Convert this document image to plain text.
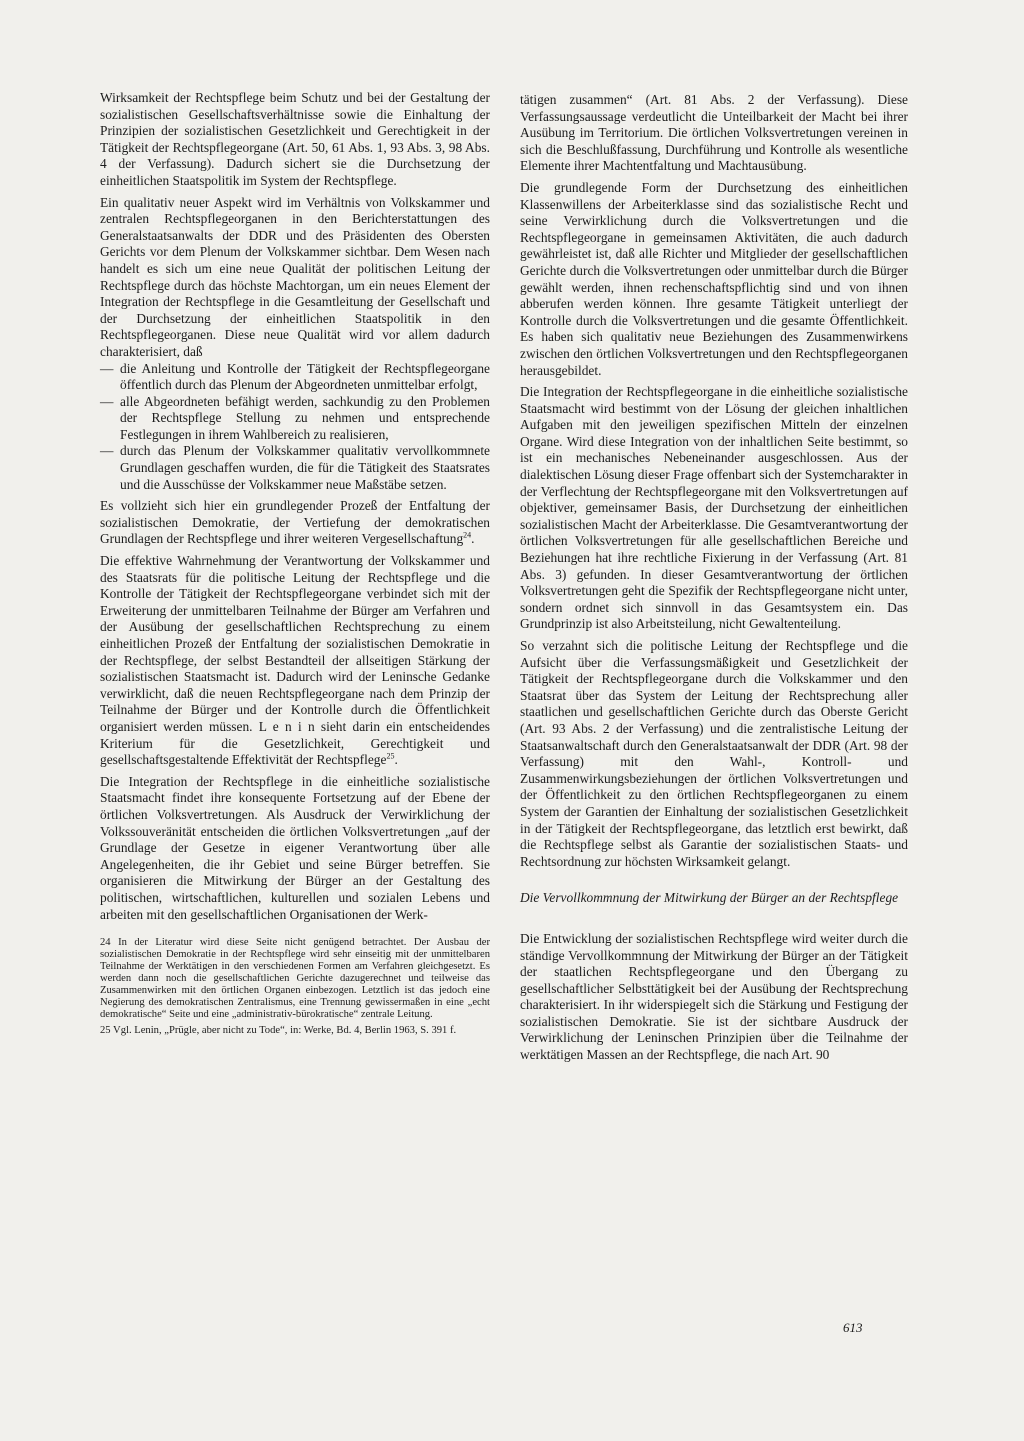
Wirksamkeit der Rechtspflege beim Schutz und bei der Gestaltung der sozialistischen Gesellschaftsverhältnisse sowie die Einhaltung der Prinzipien der sozialistischen Gesetzlichkeit und Gerechtigkeit in der Tätigkeit der Rechtspflegeorgane (Art. 50, 61 Abs. 1, 93 Abs. 3, 98 Abs. 4 der Verfassung). Dadurch sichert sie die Durchsetzung der einheitlichen Staatspolitik im System der Rechtspflege.

Ein qualitativ neuer Aspekt wird im Verhältnis von Volkskammer und zentralen Rechtspflegeorganen in den Berichterstattungen des Generalstaatsanwalts der DDR und des Präsidenten des Obersten Gerichts vor dem Plenum der Volkskammer sichtbar. Dem Wesen nach handelt es sich um eine neue Qualität der politischen Leitung der Rechtspflege durch das höchste Machtorgan, um ein neues Element der Integration der Rechtspflege in die Gesamtleitung der Gesellschaft und der Durchsetzung der einheitlichen Staatspolitik in den Rechtspflegeorganen. Diese neue Qualität wird vor allem dadurch charakterisiert, daß

— die Anleitung und Kontrolle der Tätigkeit der Rechtspflegeorgane öffentlich durch das Plenum der Abgeordneten unmittelbar erfolgt,
— alle Abgeordneten befähigt werden, sachkundig zu den Problemen der Rechtspflege Stellung zu nehmen und entsprechende Festlegungen in ihrem Wahlbereich zu realisieren,
— durch das Plenum der Volkskammer qualitativ vervollkommnete Grundlagen geschaffen wurden, die für die Tätigkeit des Staatsrates und die Ausschüsse der Volkskammer neue Maßstäbe setzen.

Es vollzieht sich hier ein grundlegender Prozeß der Entfaltung der sozialistischen Demokratie, der Vertiefung der demokratischen Grundlagen der Rechtspflege und ihrer weiteren Vergesellschaftung$^{24}$.

Die effektive Wahrnehmung der Verantwortung der Volkskammer und des Staatsrats für die politische Leitung der Rechtspflege und die Kontrolle der Tätigkeit der Rechtspflegeorgane verbindet sich mit der Erweiterung der unmittelbaren Teilnahme der Bürger am Verfahren und der Ausübung der gesellschaftlichen Rechtsprechung zu einem einheitlichen Prozeß der Entfaltung der sozialistischen Demokratie in der Rechtspflege, der selbst Bestandteil der allseitigen Stärkung der sozialistischen Staatsmacht ist. Dadurch wird der Leninsche Gedanke verwirklicht, daß die neuen Rechtspflegeorgane nach dem Prinzip der Teilnahme der Bürger und der Kontrolle durch die Öffentlichkeit organisiert werden müssen. L e n i n sieht darin ein entscheidendes Kriterium für die Gesetzlichkeit, Gerechtigkeit und gesellschaftsgestaltende Effektivität der Rechtspflege$^{25}$.

Die Integration der Rechtspflege in die einheitliche sozialistische Staatsmacht findet ihre konsequente Fortsetzung auf der Ebene der örtlichen Volksvertretungen. Als Ausdruck der Verwirklichung der Volkssouveränität entscheiden die örtlichen Volksvertretungen „auf der Grundlage der Gesetze in eigener Verantwortung über alle Angelegenheiten, die ihr Gebiet und seine Bürger betreffen. Sie organisieren die Mitwirkung der Bürger an der Gestaltung des politischen, wirtschaftlichen, kulturellen und sozialen Lebens und arbeiten mit den gesellschaftlichen Organisationen der Werk-

24 In der Literatur wird diese Seite nicht genügend betrachtet. Der Ausbau der sozialistischen Demokratie in der Rechtspflege wird sehr einseitig mit der unmittelbaren Teilnahme der Werktätigen in den verschiedenen Formen am Verfahren gleichgesetzt. Es werden dann noch die gesellschaftlichen Gerichte dazugerechnet und teilweise das Zusammenwirken mit den örtlichen Organen einbezogen. Letztlich ist das jedoch eine Negierung des demokratischen Zentralismus, eine Trennung gewissermaßen in eine „echt demokratische“ Seite und eine „administrativ-bürokratische“ zentrale Leitung.

25 Vgl. Lenin, „Prügle, aber nicht zu Tode“, in: Werke, Bd. 4, Berlin 1963, S. 391 f.

tätigen zusammen“ (Art. 81 Abs. 2 der Verfassung). Diese Verfassungsaussage verdeutlicht die Unteilbarkeit der Macht bei ihrer Ausübung im Territorium. Die örtlichen Volksvertretungen vereinen in sich die Beschlußfassung, Durchführung und Kontrolle als wesentliche Elemente ihrer Machtentfaltung und Machtausübung.

Die grundlegende Form der Durchsetzung des einheitlichen Klassenwillens der Arbeiterklasse sind das sozialistische Recht und seine Verwirklichung durch die Volksvertretungen und die Rechtspflegeorgane in gemeinsamen Aktivitäten, die auch dadurch gewährleistet ist, daß alle Richter und Mitglieder der gesellschaftlichen Gerichte durch die Volksvertretungen oder unmittelbar durch die Bürger gewählt werden, ihnen rechenschaftspflichtig sind und von ihnen abberufen werden können. Ihre gesamte Tätigkeit unterliegt der Kontrolle durch die Volksvertretungen und die gesamte Öffentlichkeit. Es haben sich qualitativ neue Beziehungen des Zusammenwirkens zwischen den örtlichen Volksvertretungen und den Rechtspflegeorganen herausgebildet.

Die Integration der Rechtspflegeorgane in die einheitliche sozialistische Staatsmacht wird bestimmt von der Lösung der gleichen inhaltlichen Aufgaben mit den jeweiligen spezifischen Mitteln der einzelnen Organe. Wird diese Integration von der inhaltlichen Seite bestimmt, so ist ein mechanisches Nebeneinander ausgeschlossen. Aus der dialektischen Lösung dieser Frage offenbart sich der Systemcharakter in der Verflechtung der Rechtspflegeorgane mit den Volksvertretungen auf objektiver, gemeinsamer Basis, der Durchsetzung der einheitlichen sozialistischen Macht der Arbeiterklasse. Die Gesamtverantwortung der örtlichen Volksvertretungen für alle gesellschaftlichen Bereiche und Beziehungen hat ihre rechtliche Fixierung in der Verfassung (Art. 81 Abs. 3) gefunden. In dieser Gesamtverantwortung der örtlichen Volksvertretungen geht die Spezifik der Rechtspflegeorgane nicht unter, sondern ordnet sich sinnvoll in das Gesamtsystem ein. Das Grundprinzip ist also Arbeitsteilung, nicht Gewaltenteilung.

So verzahnt sich die politische Leitung der Rechtspflege und die Aufsicht über die Verfassungsmäßigkeit und Gesetzlichkeit der Tätigkeit der Rechtspflegeorgane durch die Volkskammer und den Staatsrat über das System der Leitung der Rechtsprechung aller staatlichen und gesellschaftlichen Gerichte durch das Oberste Gericht (Art. 93 Abs. 2 der Verfassung) und die zentralistische Leitung der Staatsanwaltschaft durch den Generalstaatsanwalt der DDR (Art. 98 der Verfassung) mit den Wahl-, Kontroll- und Zusammenwirkungsbeziehungen der örtlichen Volksvertretungen und der Öffentlichkeit zu den örtlichen Rechtspflegeorganen zu einem System der Garantien der Einhaltung der sozialistischen Gesetzlichkeit in der Tätigkeit der Rechtspflegeorgane, das letztlich erst bewirkt, daß die Rechtspflege selbst als Garantie der sozialistischen Staats- und Rechtsordnung zur höchsten Wirksamkeit gelangt.

Die Vervollkommnung der Mitwirkung der Bürger an der Rechtspflege

Die Entwicklung der sozialistischen Rechtspflege wird weiter durch die ständige Vervollkommnung der Mitwirkung der Bürger an der Tätigkeit der staatlichen Rechtspflegeorgane und den Übergang zu gesellschaftlicher Selbsttätigkeit bei der Ausübung der Rechtsprechung charakterisiert. In ihr widerspiegelt sich die Stärkung und Festigung der sozialistischen Demokratie. Sie ist der sichtbare Ausdruck der Verwirklichung der Leninschen Prinzipien über die Teilnahme der werktätigen Massen an der Rechtspflege, die nach Art. 90

613
